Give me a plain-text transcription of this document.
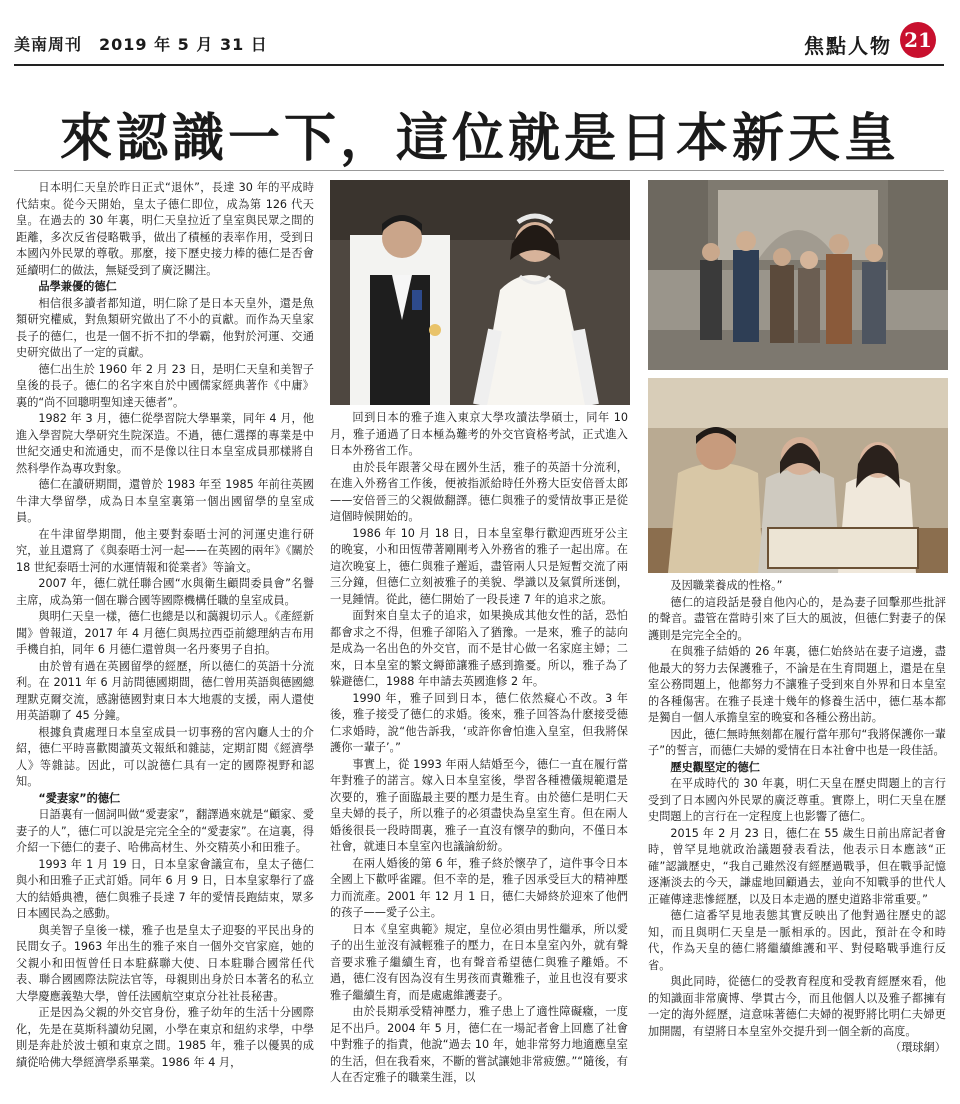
美南周刊　2019 年 5 月 31 日	焦點人物 21
來認識一下，這位就是日本新天皇

日本明仁天皇於昨日正式“退休”，長達 30 年的平成時代結束。從今天開始，皇太子德仁即位，成為第 126 代天皇。在過去的 30 年裏，明仁天皇拉近了皇室與民眾之間的距離，多次反省侵略戰爭，做出了積極的表率作用，受到日本國內外民眾的尊敬。那麼，接下歷史接力棒的德仁是否會延續明仁的做法，無疑受到了廣泛關注。

品學兼優的德仁

相信很多讀者都知道，明仁除了是日本天皇外，還是魚類研究權威，對魚類研究做出了不小的貢獻。而作為天皇家長子的德仁，也是一個不折不扣的學霸，他對於河運、交通史研究做出了一定的貢獻。

德仁出生於 1960 年 2 月 23 日，是明仁天皇和美智子皇後的長子。德仁的名字來自於中國儒家經典著作《中庸》裏的“尚不回聰明聖知達天德者”。

1982 年 3 月，德仁從學習院大學畢業，同年 4 月，他進入學習院大學研究生院深造。不過，德仁選擇的專業是中世紀交通史和流通史，而不是像以往日本皇室成員那樣將自然科學作為專攻對象。

德仁在讀研期間，還曾於 1983 年至 1985 年前往英國牛津大學留學，成為日本皇室裏第一個出國留學的皇室成員。

在牛津留學期間，他主要對泰晤士河的河運史進行研究，並且還寫了《與泰晤士河一起——在英國的兩年》《關於 18 世紀泰晤士河的水運情報和從業者》等論文。

2007 年，德仁就任聯合國“水與衛生顧問委員會”名譽主席，成為第一個在聯合國等國際機構任職的皇室成員。

與明仁天皇一樣，德仁也總是以和藹親切示人。《產經新聞》曾報道，2017 年 4 月德仁與馬拉西亞前總理納吉布用手機自拍，同年 6 月德仁還曾與一名丹麥男子自拍。

由於曾有過在英國留學的經歷，所以德仁的英語十分流利。在 2011 年 6 月訪問德國期間，德仁曾用英語與德國總理默克爾交流，感謝德國對東日本大地震的支援，兩人還使用英語聊了 45 分鐘。

根據負責處理日本皇室成員一切事務的宮內廳人士的介紹，德仁平時喜歡閱讀英文報紙和雜誌，定期訂閱《經濟學人》等雜誌。因此，可以說德仁具有一定的國際視野和認知。

“愛妻家”的德仁

日語裏有一個詞叫做“愛妻家”，翻譯過來就是“顧家、愛妻子的人”，德仁可以說是完完全全的“愛妻家”。在這裏，得介紹一下德仁的妻子、哈佛高材生、外交精英小和田雅子。

1993 年 1 月 19 日，日本皇家會議宣布，皇太子德仁與小和田雅子正式訂婚。同年 6 月 9 日，日本皇家舉行了盛大的結婚典禮，德仁與雅子長達 7 年的愛情長跑結束，眾多日本國民為之感動。

與美智子皇後一樣，雅子也是皇太子迎娶的平民出身的民間女子。1963 年出生的雅子來自一個外交官家庭，她的父親小和田恆曾任日本駐蘇聯大使、日本駐聯合國常任代表、聯合國國際法院法官等，母親則出身於日本著名的私立大學慶應義塾大學，曾任法國航空東京分社社長秘書。

正是因為父親的外交官身份，雅子幼年的生活十分國際化，先是在莫斯科讀幼兒園，小學在東京和紐約求學，中學則是奔赴於波士頓和東京之間。1985 年，雅子以優異的成績從哈佛大學經濟學系畢業。1986 年 4 月，

回到日本的雅子進入東京大學攻讀法學碩士，同年 10 月，雅子通過了日本極為難考的外交官資格考試，正式進入日本外務省工作。

由於長年跟著父母在國外生活，雅子的英語十分流利，在進入外務省工作後，便被指派給時任外務大臣安倍晉太郎——安倍晉三的父親做翻譯。德仁與雅子的愛情故事正是從這個時候開始的。

1986 年 10 月 18 日，日本皇室舉行歡迎西班牙公主的晚宴，小和田恆帶著剛剛考入外務省的雅子一起出席。在這次晚宴上，德仁與雅子邂逅，盡管兩人只是短暫交流了兩三分鐘，但德仁立刻被雅子的美貌、學識以及氣質所迷倒，一見鍾情。從此，德仁開始了一段長達 7 年的追求之旅。

面對來自皇太子的追求，如果換成其他女性的話，恐怕都會求之不得，但雅子卻陷入了猶豫。一是來，雅子的誌向是成為一名出色的外交官，而不是甘心做一名家庭主婦；二來，日本皇室的繁文縟節讓雅子感到擔憂。所以，雅子為了躲避德仁，1988 年申請去英國進修 2 年。

1990 年，雅子回到日本，德仁依然癡心不改。3 年後，雅子接受了德仁的求婚。後來，雅子回答為什麽接受德仁求婚時，說“他告訴我，‘或許你會怕進入皇室，但我將保護你一輩子’。”

事實上，從 1993 年兩人結婚至今，德仁一直在履行當年對雅子的諾言。嫁入日本皇室後，學習各種禮儀規範還是次要的，雅子面臨最主要的壓力是生育。由於德仁是明仁天皇夫婦的長子，所以雅子的必須盡快為皇室生育。但在兩人婚後很長一段時間裏，雅子一直沒有懷孕的動向，不僅日本社會，就連日本皇室內也議論紛紛。

在兩人婚後的第 6 年，雅子終於懷孕了，這件事令日本全國上下歡呼雀躍。但不幸的是，雅子因承受巨大的精神壓力而流產。2001 年 12 月 1 日，德仁夫婦終於迎來了他們的孩子——愛子公主。

日本《皇室典範》規定，皇位必須由男性繼承，所以愛子的出生並沒有減輕雅子的壓力，在日本皇室內外，就有聲音要求雅子繼續生育，也有聲音希望德仁與雅子離婚。不過，德仁沒有因為沒有生男孩而責難雅子，並且也沒有要求雅子繼續生育，而是處處維護妻子。

由於長期承受精神壓力，雅子患上了適性障礙癥，一度足不出戶。2004 年 5 月，德仁在一場記者會上回應了社會中對雅子的指責，他說“過去 10 年，她非常努力地適應皇室的生活，但在我看來，不斷的嘗試讓她非常疲憊。”“隨後，有人在否定雅子的職業生涯，以

及因職業養成的性格。”

德仁的這段話是發自他內心的，是為妻子回擊那些批評的聲音。盡管在當時引來了巨大的風波，但德仁對妻子的保護則是完完全全的。

在與雅子結婚的 26 年裏，德仁始終站在妻子這邊，盡他最大的努力去保護雅子，不論是在生育問題上，還是在皇室公務問題上，他都努力不讓雅子受到來自外界和日本皇室的各種傷害。在雅子長達十幾年的修養生活中，德仁基本都是獨自一個人承擔皇室的晚宴和各種公務出訪。

因此，德仁無時無刻都在履行當年那句“我將保護你一輩子”的誓言，而德仁夫婦的愛情在日本社會中也是一段佳話。

歷史觀堅定的德仁

在平成時代的 30 年裏，明仁天皇在歷史問題上的言行受到了日本國內外民眾的廣泛尊重。實際上，明仁天皇在歷史問題上的言行在一定程度上也影響了德仁。

2015 年 2 月 23 日，德仁在 55 歲生日前出席記者會時，曾罕見地就政治議題發表看法，他表示日本應該“正確”認識歷史，“我自己雖然沒有經歷過戰爭，但在戰爭記憶逐漸淡去的今天，謙虛地回顧過去，並向不知戰爭的世代人正確傳達悲慘經歷，以及日本走過的歷史道路非常重要。”

德仁這番罕見地表態其實反映出了他對過往歷史的認知，而且與明仁天皇是一脈相承的。因此，預計在令和時代，作為天皇的德仁將繼續維護和平、對侵略戰爭進行反省。

與此同時，從德仁的受教育程度和受教育經歷來看，他的知識面非常廣博、學貫古今，而且他個人以及雅子都擁有一定的海外經歷，這意味著德仁夫婦的視野將比明仁夫婦更加開闊，有望將日本皇室外交提升到一個全新的高度。

（環球網）
